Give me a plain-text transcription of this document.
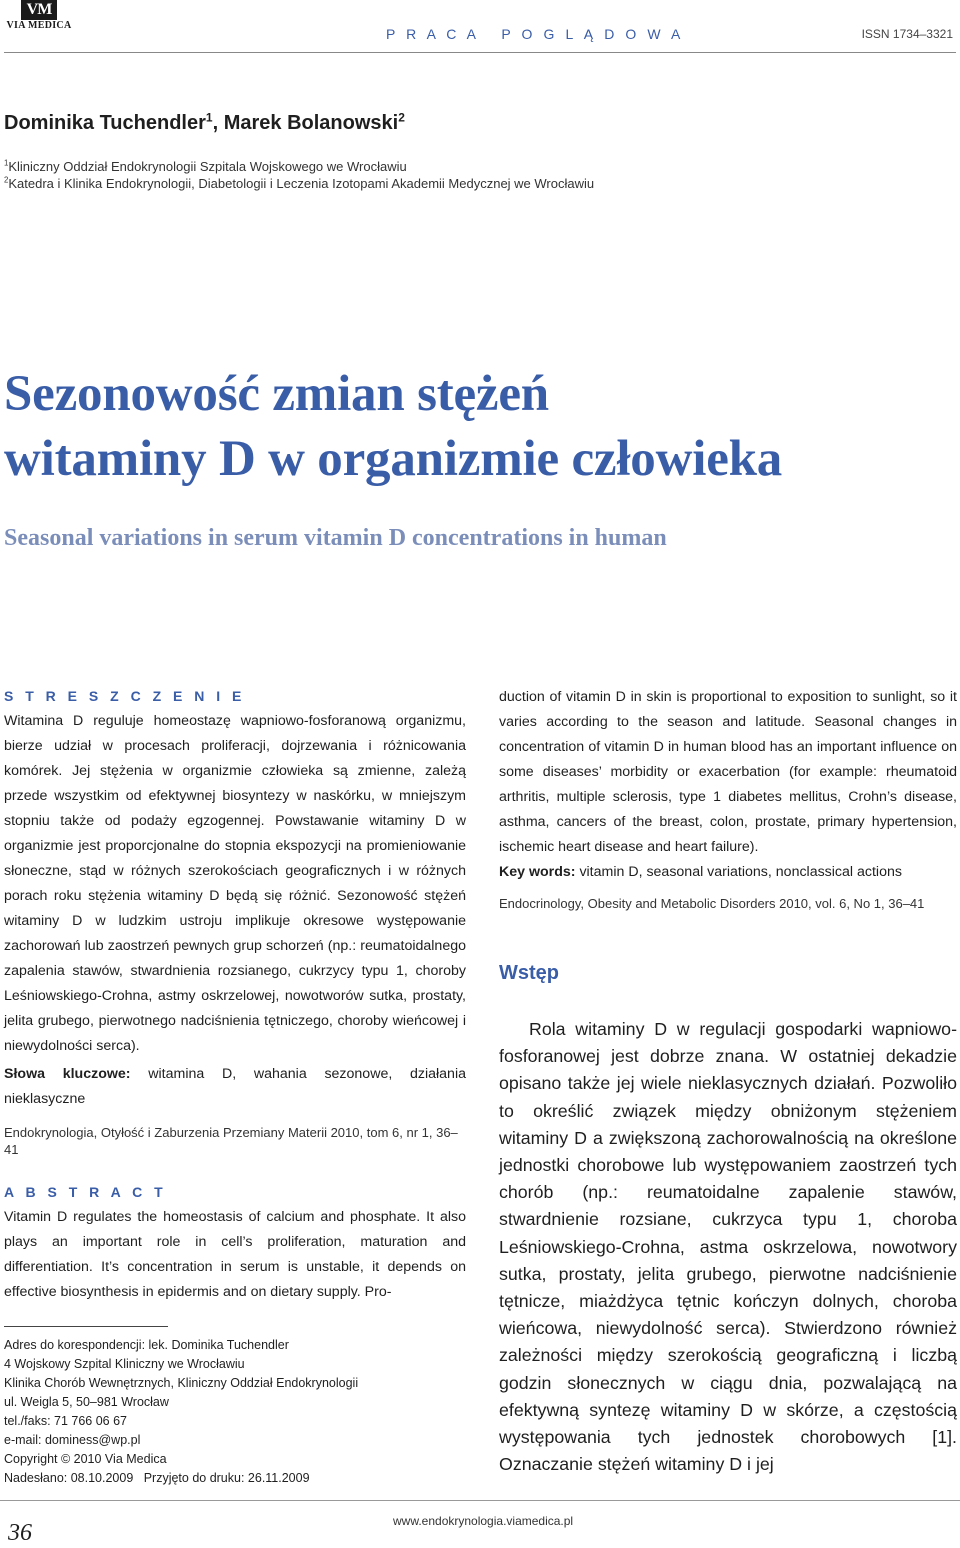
VM
VIA MEDICA
P R A C A   P O G L Ą D O W A	ISSN 1734–3321
Dominika Tuchendler$^1$, Marek Bolanowski$^2$
$^1$Kliniczny Oddział Endokrynologii Szpitala Wojskowego we Wrocławiu
$^2$Katedra i Klinika Endokrynologii, Diabetologii i Leczenia Izotopami Akademii Medycznej we Wrocławiu
Sezonowość zmian stężeń
witaminy D w organizmie człowieka
Seasonal variations in serum vitamin D concentrations in human
S T R E S Z C Z E N I E
Witamina D reguluje homeostazę wapniowo-fosforanową organizmu, bierze udział w procesach proliferacji, dojrzewania i różnicowania komórek. Jej stężenia w organizmie człowieka są zmienne, zależą przede wszystkim od efektywnej biosyntezy w naskórku, w mniejszym stopniu także od podaży egzogennej. Powstawanie witaminy D w organizmie jest proporcjonalne do stopnia ekspozycji na promieniowanie słoneczne, stąd w różnych szerokościach geograficznych i w różnych porach roku stężenia witaminy D będą się różnić. Sezonowość stężeń witaminy D w ludzkim ustroju implikuje okresowe występowanie zachorowań lub zaostrzeń pewnych grup schorzeń (np.: reumatoidalnego zapalenia stawów, stwardnienia rozsianego, cukrzycy typu 1, choroby Leśniowskiego-Crohna, astmy oskrzelowej, nowotworów sutka, prostaty, jelita grubego, pierwotnego nadciśnienia tętniczego, choroby wieńcowej i niewydolności serca).
Słowa kluczowe: witamina D, wahania sezonowe, działania nieklasyczne
Endokrynologia, Otyłość i Zaburzenia Przemiany Materii 2010, tom 6, nr 1, 36–41
A B S T R A C T
Vitamin D regulates the homeostasis of calcium and phosphate. It also plays an important role in cell’s proliferation, maturation and differentiation. It’s concentration in serum is unstable, it depends on effective biosynthesis in epidermis and on dietary supply. Pro-
Adres do korespondencji: lek. Dominika Tuchendler
4 Wojskowy Szpital Kliniczny we Wrocławiu
Klinika Chorób Wewnętrznych, Kliniczny Oddział Endokrynologii
ul. Weigla 5, 50–981 Wrocław
tel./faks: 71 766 06 67
e-mail: dominess@wp.pl
Copyright © 2010 Via Medica
Nadesłano: 08.10.2009   Przyjęto do druku: 26.11.2009
duction of vitamin D in skin is proportional to exposition to sunlight, so it varies according to the season and latitude. Seasonal changes in concentration of vitamin D in human blood has an important influence on some diseases’ morbidity or exacerbation (for example: rheumatoid arthritis, multiple sclerosis, type 1 diabetes mellitus, Crohn’s disease, asthma, cancers of the breast, colon, prostate, primary hypertension, ischemic heart disease and heart failure).
Key words: vitamin D, seasonal variations, nonclassical actions
Endocrinology, Obesity and Metabolic Disorders 2010, vol. 6, No 1, 36–41
Wstęp
Rola witaminy D w regulacji gospodarki wapniowo-fosforanowej jest dobrze znana. W ostatniej dekadzie opisano także jej wiele nieklasycznych działań. Pozwoliło to określić związek między obniżonym stężeniem witaminy D a zwiększoną zachorowalnością na określone jednostki chorobowe lub występowaniem zaostrzeń tych chorób (np.: reumatoidalne zapalenie stawów, stwardnienie rozsiane, cukrzyca typu 1, choroba Leśniowskiego-Crohna, astma oskrzelowa, nowotwory sutka, prostaty, jelita grubego, pierwotne nadciśnienie tętnicze, miażdżyca tętnic kończyn dolnych, choroba wieńcowa, niewydolność serca). Stwierdzono również zależności między szerokością geograficzną i liczbą godzin słonecznych w ciągu dnia, pozwalającą na efektywną syntezę witaminy D w skórze, a częstością występowania tych jednostek chorobowych [1]. Oznaczanie stężeń witaminy D i jej
36	www.endokrynologia.viamedica.pl
